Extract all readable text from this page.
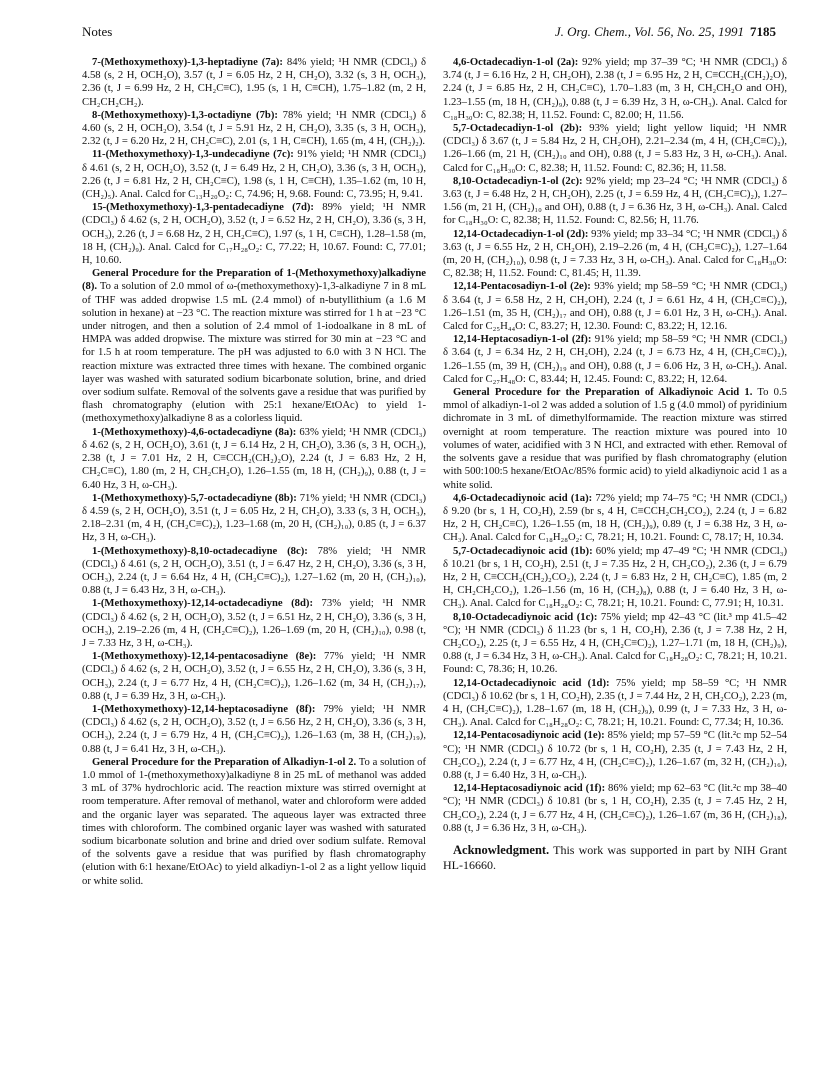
Notes	J. Org. Chem., Vol. 56, No. 25, 1991 7185

7-(Methoxymethoxy)-1,3-heptadiyne (7a): 84% yield; ¹H NMR (CDCl₃) δ 4.58 (s, 2 H, OCH₂O), 3.57 (t, J = 6.05 Hz, 2 H, CH₂O), 3.32 (s, 3 H, OCH₃), 2.36 (t, J = 6.99 Hz, 2 H, CH₂C≡C), 1.95 (s, 1 H, C≡CH), 1.75–1.82 (m, 2 H, CH₂CH₂CH₂).

8-(Methoxymethoxy)-1,3-octadiyne (7b): 78% yield; ¹H NMR (CDCl₃) δ 4.60 (s, 2 H, OCH₂O), 3.54 (t, J = 5.91 Hz, 2 H, CH₂O), 3.35 (s, 3 H, OCH₃), 2.32 (t, J = 6.20 Hz, 2 H, CH₂C≡C), 2.01 (s, 1 H, C≡CH), 1.65 (m, 4 H, (CH₂)₂).

11-(Methoxymethoxy)-1,3-undecadiyne (7c): 91% yield; ¹H NMR (CDCl₃) δ 4.61 (s, 2 H, OCH₂O), 3.52 (t, J = 6.49 Hz, 2 H, CH₂O), 3.36 (s, 3 H, OCH₃), 2.26 (t, J = 6.81 Hz, 2 H, CH₂C≡C), 1.98 (s, 1 H, C≡CH), 1.35–1.62 (m, 10 H, (CH₂)₅). Anal. Calcd for C₁₃H₂₀O₂: C, 74.96; H, 9.68. Found: C, 73.95; H, 9.41.

15-(Methoxymethoxy)-1,3-pentadecadiyne (7d): 89% yield; ¹H NMR (CDCl₃) δ 4.62 (s, 2 H, OCH₂O), 3.52 (t, J = 6.52 Hz, 2 H, CH₂O), 3.36 (s, 3 H, OCH₃), 2.26 (t, J = 6.68 Hz, 2 H, CH₂C≡C), 1.97 (s, 1 H, C≡CH), 1.28–1.58 (m, 18 H, (CH₂)₉). Anal. Calcd for C₁₇H₂₈O₂: C, 77.22; H, 10.67. Found: C, 77.01; H, 10.60.

General Procedure for the Preparation of 1-(Methoxymethoxy)alkadiyne (8). To a solution of 2.0 mmol of ω-(methoxymethoxy)-1,3-alkadiyne 7 in 8 mL of THF was added dropwise 1.5 mL (2.4 mmol) of n-butyllithium (a 1.6 M solution in hexane) at −23 °C. The reaction mixture was stirred for 1 h at −23 °C under nitrogen, and then a solution of 2.4 mmol of 1-iodoalkane in 8 mL of HMPA was added dropwise. The mixture was stirred for 30 min at −23 °C and for 1.5 h at room temperature. The pH was adjusted to 6.0 with 3 N HCl. The reaction mixture was extracted three times with hexane. The combined organic layer was washed with saturated sodium bicarbonate solution, brine, and dried over sodium sulfate. Removal of the solvents gave a residue that was purified by flash chromatography (elution with 25:1 hexane/EtOAc) to yield 1-(methoxymethoxy)alkadiyne 8 as a colorless liquid.

1-(Methoxymethoxy)-4,6-octadecadiyne (8a): 63% yield; ¹H NMR (CDCl₃) δ 4.62 (s, 2 H, OCH₂O), 3.61 (t, J = 6.14 Hz, 2 H, CH₂O), 3.36 (s, 3 H, OCH₃), 2.38 (t, J = 7.01 Hz, 2 H, C≡CCH₂(CH₂)₂O), 2.24 (t, J = 6.83 Hz, 2 H, CH₂C≡C), 1.80 (m, 2 H, CH₂CH₂O), 1.26–1.55 (m, 18 H, (CH₂)₉), 0.88 (t, J = 6.40 Hz, 3 H, ω-CH₃).

1-(Methoxymethoxy)-5,7-octadecadiyne (8b): 71% yield; ¹H NMR (CDCl₃) δ 4.59 (s, 2 H, OCH₂O), 3.51 (t, J = 6.05 Hz, 2 H, CH₂O), 3.33 (s, 3 H, OCH₃), 2.18–2.31 (m, 4 H, (CH₂C≡C)₂), 1.23–1.68 (m, 20 H, (CH₂)₁₀), 0.85 (t, J = 6.37 Hz, 3 H, ω-CH₃).

1-(Methoxymethoxy)-8,10-octadecadiyne (8c): 78% yield; ¹H NMR (CDCl₃) δ 4.61 (s, 2 H, OCH₂O), 3.51 (t, J = 6.47 Hz, 2 H, CH₂O), 3.36 (s, 3 H, OCH₃), 2.24 (t, J = 6.64 Hz, 4 H, (CH₂C≡C)₂), 1.27–1.62 (m, 20 H, (CH₂)₁₀), 0.88 (t, J = 6.43 Hz, 3 H, ω-CH₃).

1-(Methoxymethoxy)-12,14-octadecadiyne (8d): 73% yield; ¹H NMR (CDCl₃) δ 4.62 (s, 2 H, OCH₂O), 3.52 (t, J = 6.51 Hz, 2 H, CH₂O), 3.36 (s, 3 H, OCH₃), 2.19–2.26 (m, 4 H, (CH₂C≡C)₂), 1.26–1.69 (m, 20 H, (CH₂)₁₀), 0.98 (t, J = 7.33 Hz, 3 H, ω-CH₃).

1-(Methoxymethoxy)-12,14-pentacosadiyne (8e): 77% yield; ¹H NMR (CDCl₃) δ 4.62 (s, 2 H, OCH₂O), 3.52 (t, J = 6.55 Hz, 2 H, CH₂O), 3.36 (s, 3 H, OCH₃), 2.24 (t, J = 6.77 Hz, 4 H, (CH₂C≡C)₂), 1.26–1.62 (m, 34 H, (CH₂)₁₇), 0.88 (t, J = 6.39 Hz, 3 H, ω-CH₃).

1-(Methoxymethoxy)-12,14-heptacosadiyne (8f): 79% yield; ¹H NMR (CDCl₃) δ 4.62 (s, 2 H, OCH₂O), 3.52 (t, J = 6.56 Hz, 2 H, CH₂O), 3.36 (s, 3 H, OCH₃), 2.24 (t, J = 6.79 Hz, 4 H, (CH₂C≡C)₂), 1.26–1.63 (m, 38 H, (CH₂)₁₉), 0.88 (t, J = 6.41 Hz, 3 H, ω-CH₃).

General Procedure for the Preparation of Alkadiyn-1-ol 2. To a solution of 1.0 mmol of 1-(methoxymethoxy)alkadiyne 8 in 25 mL of methanol was added 3 mL of 37% hydrochloric acid. The reaction mixture was stirred overnight at room temperature. After removal of methanol, water and chloroform were added and the organic layer was separated. The aqueous layer was extracted three times with chloroform. The combined organic layer was washed with saturated sodium bicarbonate solution and brine and dried over sodium sulfate. Removal of the solvents gave a residue that was purified by flash chromatography (elution with 6:1 hexane/EtOAc) to yield alkadiyn-1-ol 2 as a light yellow liquid or white solid.

4,6-Octadecadiyn-1-ol (2a): 92% yield; mp 37–39 °C; ¹H NMR (CDCl₃) δ 3.74 (t, J = 6.16 Hz, 2 H, CH₂OH), 2.38 (t, J = 6.95 Hz, 2 H, C≡CCH₂(CH₂)₂O), 2.24 (t, J = 6.85 Hz, 2 H, CH₂C≡C), 1.70–1.83 (m, 3 H, CH₂CH₂O and OH), 1.23–1.55 (m, 18 H, (CH₂)₉), 0.88 (t, J = 6.39 Hz, 3 H, ω-CH₃). Anal. Calcd for C₁₈H₃₀O: C, 82.38; H, 11.52. Found: C, 82.00; H, 11.56.

5,7-Octadecadiyn-1-ol (2b): 93% yield; light yellow liquid; ¹H NMR (CDCl₃) δ 3.67 (t, J = 5.84 Hz, 2 H, CH₂OH), 2.21–2.34 (m, 4 H, (CH₂C≡C)₂), 1.26–1.66 (m, 21 H, (CH₂)₁₀ and OH), 0.88 (t, J = 5.83 Hz, 3 H, ω-CH₃). Anal. Calcd for C₁₈H₃₀O: C, 82.38; H, 11.52. Found: C, 82.36; H, 11.58.

8,10-Octadecadiyn-1-ol (2c): 92% yield; mp 23–24 °C; ¹H NMR (CDCl₃) δ 3.63 (t, J = 6.48 Hz, 2 H, CH₂OH), 2.25 (t, J = 6.59 Hz, 4 H, (CH₂C≡C)₂), 1.27–1.56 (m, 21 H, (CH₂)₁₀ and OH), 0.88 (t, J = 6.36 Hz, 3 H, ω-CH₃). Anal. Calcd for C₁₈H₃₀O: C, 82.38; H, 11.52. Found: C, 82.56; H, 11.76.

12,14-Octadecadiyn-1-ol (2d): 93% yield; mp 33–34 °C; ¹H NMR (CDCl₃) δ 3.63 (t, J = 6.55 Hz, 2 H, CH₂OH), 2.19–2.26 (m, 4 H, (CH₂C≡C)₂), 1.27–1.64 (m, 20 H, (CH₂)₁₀), 0.98 (t, J = 7.33 Hz, 3 H, ω-CH₃). Anal. Calcd for C₁₈H₃₀O: C, 82.38; H, 11.52. Found: C, 81.45; H, 11.39.

12,14-Pentacosadiyn-1-ol (2e): 93% yield; mp 58–59 °C; ¹H NMR (CDCl₃) δ 3.64 (t, J = 6.58 Hz, 2 H, CH₂OH), 2.24 (t, J = 6.61 Hz, 4 H, (CH₂C≡C)₂), 1.26–1.51 (m, 35 H, (CH₂)₁₇ and OH), 0.88 (t, J = 6.01 Hz, 3 H, ω-CH₃). Anal. Calcd for C₂₅H₄₄O: C, 83.27; H, 12.30. Found: C, 83.22; H, 12.16.

12,14-Heptacosadiyn-1-ol (2f): 91% yield; mp 58–59 °C; ¹H NMR (CDCl₃) δ 3.64 (t, J = 6.34 Hz, 2 H, CH₂OH), 2.24 (t, J = 6.73 Hz, 4 H, (CH₂C≡C)₂), 1.26–1.55 (m, 39 H, (CH₂)₁₉ and OH), 0.88 (t, J = 6.06 Hz, 3 H, ω-CH₃). Anal. Calcd for C₂₇H₄₈O: C, 83.44; H, 12.45. Found: C, 83.22; H, 12.64.

General Procedure for the Preparation of Alkadiynoic Acid 1. To 0.5 mmol of alkadiyn-1-ol 2 was added a solution of 1.5 g (4.0 mmol) of pyridinium dichromate in 3 mL of dimethylformamide. The reaction mixture was stirred overnight at room temperature. The reaction mixture was poured into 10 volumes of water, acidified with 3 N HCl, and extracted with ether. Removal of the solvents gave a residue that was purified by flash chromatography (elution with 500:100:5 hexane/EtOAc/85% formic acid) to yield alkadiynoic acid 1 as a white solid.

4,6-Octadecadiynoic acid (1a): 72% yield; mp 74–75 °C; ¹H NMR (CDCl₃) δ 9.20 (br s, 1 H, CO₂H), 2.59 (br s, 4 H, C≡CCH₂CH₂CO₂), 2.24 (t, J = 6.82 Hz, 2 H, CH₂C≡C), 1.26–1.55 (m, 18 H, (CH₂)₉), 0.89 (t, J = 6.38 Hz, 3 H, ω-CH₃). Anal. Calcd for C₁₈H₂₈O₂: C, 78.21; H, 10.21. Found: C, 78.17; H, 10.34.

5,7-Octadecadiynoic acid (1b): 60% yield; mp 47–49 °C; ¹H NMR (CDCl₃) δ 10.21 (br s, 1 H, CO₂H), 2.51 (t, J = 7.35 Hz, 2 H, CH₂CO₂), 2.36 (t, J = 6.79 Hz, 2 H, C≡CCH₂(CH₂)₂CO₂), 2.24 (t, J = 6.83 Hz, 2 H, CH₂C≡C), 1.85 (m, 2 H, CH₂CH₂CO₂), 1.26–1.56 (m, 16 H, (CH₂)₈), 0.88 (t, J = 6.40 Hz, 3 H, ω-CH₃). Anal. Calcd for C₁₈H₂₈O₂: C, 78.21; H, 10.21. Found: C, 77.91; H, 10.31.

8,10-Octadecadiynoic acid (1c): 75% yield; mp 42–43 °C (lit.³ mp 41.5–42 °C); ¹H NMR (CDCl₃) δ 11.23 (br s, 1 H, CO₂H), 2.36 (t, J = 7.38 Hz, 2 H, CH₂CO₂), 2.25 (t, J = 6.55 Hz, 4 H, (CH₂C≡C)₂), 1.27–1.71 (m, 18 H, (CH₂)₉), 0.88 (t, J = 6.34 Hz, 3 H, ω-CH₃). Anal. Calcd for C₁₈H₂₈O₂: C, 78.21; H, 10.21. Found: C, 78.36; H, 10.26.

12,14-Octadecadiynoic acid (1d): 75% yield; mp 58–59 °C; ¹H NMR (CDCl₃) δ 10.62 (br s, 1 H, CO₂H), 2.35 (t, J = 7.44 Hz, 2 H, CH₂CO₂), 2.23 (m, 4 H, (CH₂C≡C)₂), 1.28–1.67 (m, 18 H, (CH₂)₉), 0.99 (t, J = 7.33 Hz, 3 H, ω-CH₃). Anal. Calcd for C₁₈H₂₈O₂: C, 78.21; H, 10.21. Found: C, 77.34; H, 10.36.

12,14-Pentacosadiynoic acid (1e): 85% yield; mp 57–59 °C (lit.²c mp 52–54 °C); ¹H NMR (CDCl₃) δ 10.72 (br s, 1 H, CO₂H), 2.35 (t, J = 7.43 Hz, 2 H, CH₂CO₂), 2.24 (t, J = 6.77 Hz, 4 H, (CH₂C≡C)₂), 1.26–1.67 (m, 32 H, (CH₂)₁₆), 0.88 (t, J = 6.40 Hz, 3 H, ω-CH₃).

12,14-Heptacosadiynoic acid (1f): 86% yield; mp 62–63 °C (lit.²c mp 38–40 °C); ¹H NMR (CDCl₃) δ 10.81 (br s, 1 H, CO₂H), 2.35 (t, J = 7.45 Hz, 2 H, CH₂CO₂), 2.24 (t, J = 6.77 Hz, 4 H, (CH₂C≡C)₂), 1.26–1.67 (m, 36 H, (CH₂)₁₈), 0.88 (t, J = 6.36 Hz, 3 H, ω-CH₃).

Acknowledgment. This work was supported in part by NIH Grant HL-16660.
